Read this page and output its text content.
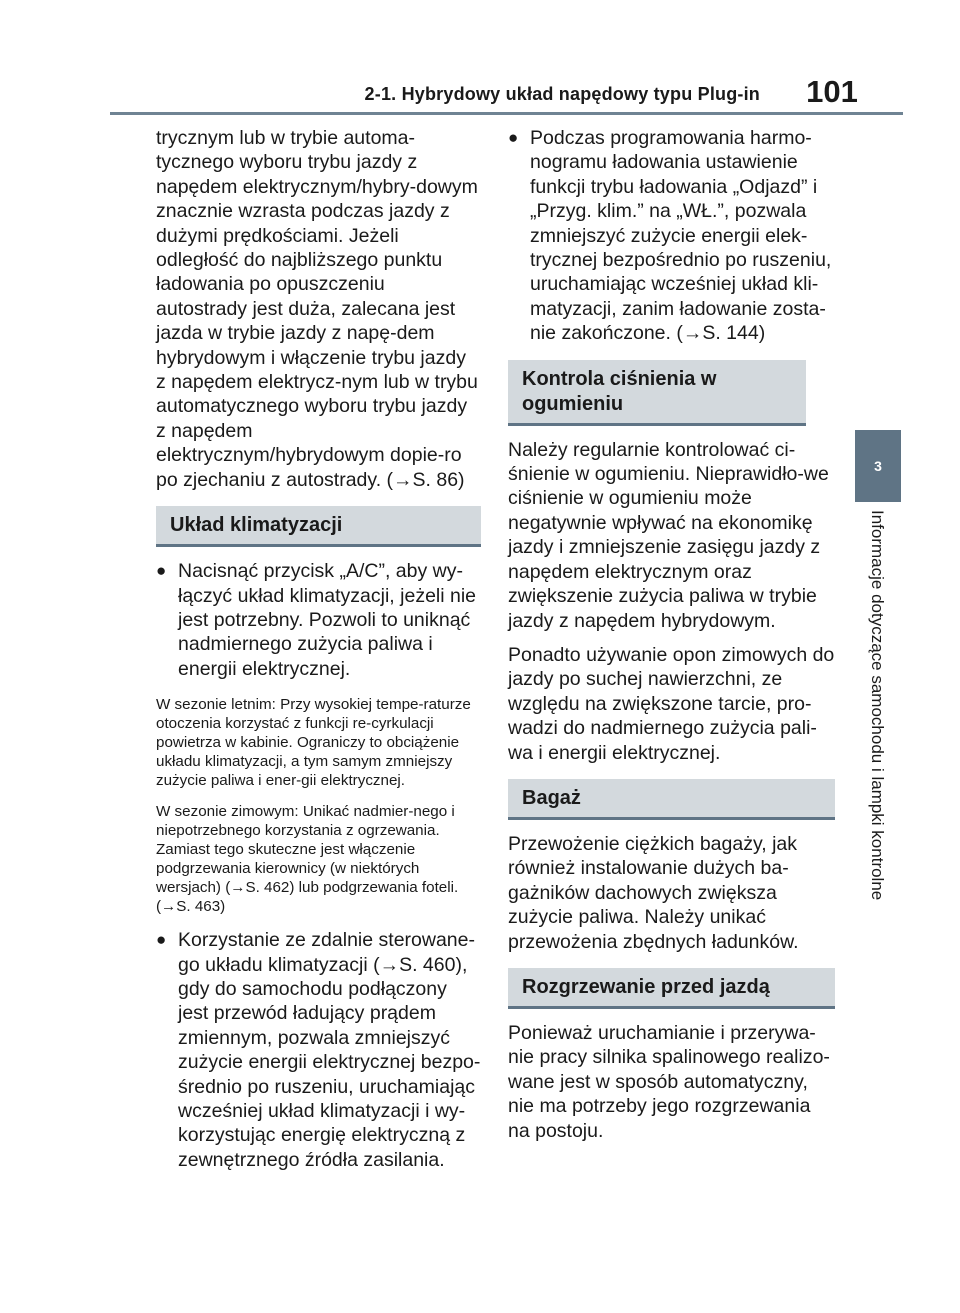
2-1. Hybrydowy układ napędowy typu Plug-in 101
3
Informacje dotyczące samochodu i lampki kontrolne

trycznym lub w trybie automa-tycznego wyboru trybu jazdy z napędem elektrycznym/hybry-dowym znacznie wzrasta podczas jazdy z dużymi prędkościami. Jeżeli odległość do najbliższego punktu ładowania po opuszczeniu autostrady jest duża, zalecana jest jazda w trybie jazdy z napę-dem hybrydowym i włączenie trybu jazdy z napędem elektrycz-nym lub w trybu automatycznego wyboru trybu jazdy z napędem elektrycznym/hybrydowym dopie-ro po zjechaniu z autostrady. (→S. 86)

Układ klimatyzacji
● Nacisnąć przycisk „A/C”, aby wy-łączyć układ klimatyzacji, jeżeli nie jest potrzebny. Pozwoli to uniknąć nadmiernego zużycia paliwa i energii elektrycznej.

W sezonie letnim: Przy wysokiej tempe-raturze otoczenia korzystać z funkcji re-cyrkulacji powietrza w kabinie. Ograniczy to obciążenie układu klimatyzacji, a tym samym zmniejszy zużycie paliwa i ener-gii elektrycznej.

W sezonie zimowym: Unikać nadmier-nego i niepotrzebnego korzystania z ogrzewania. Zamiast tego skuteczne jest włączenie podgrzewania kierownicy (w niektórych wersjach) (→S. 462) lub podgrzewania foteli. (→S. 463)

● Korzystanie ze zdalnie sterowane-go układu klimatyzacji (→S. 460), gdy do samochodu podłączony jest przewód ładujący prądem zmiennym, pozwala zmniejszyć zużycie energii elektrycznej bezpo-średnio po ruszeniu, uruchamiając wcześniej układ klimatyzacji i wy-korzystując energię elektryczną z zewnętrznego źródła zasilania.
● Podczas programowania harmo-nogramu ładowania ustawienie funkcji trybu ładowania „Odjazd” i „Przyg. klim.” na „WŁ.”, pozwala zmniejszyć zużycie energii elek-trycznej bezpośrednio po ruszeniu, uruchamiając wcześniej układ kli-matyzacji, zanim ładowanie zosta-nie zakończone. (→S. 144)
Kontrola ciśnienia w ogumieniu

Należy regularnie kontrolować ci-śnienie w ogumieniu. Nieprawidło-we ciśnienie w ogumieniu może negatywnie wpływać na ekonomikę jazdy i zmniejszenie zasięgu jazdy z napędem elektrycznym oraz zwiększenie zużycia paliwa w trybie jazdy z napędem hybrydowym.

Ponadto używanie opon zimowych do jazdy po suchej nawierzchni, ze względu na zwiększone tarcie, pro-wadzi do nadmiernego zużycia pali-wa i energii elektrycznej.

Bagaż

Przewożenie ciężkich bagaży, jak również instalowanie dużych ba-gażników dachowych zwiększa zużycie paliwa. Należy unikać przewożenia zbędnych ładunków.

Rozgrzewanie przed jazdą

Ponieważ uruchamianie i przerywa-nie pracy silnika spalinowego realizo-wane jest w sposób automatyczny, nie ma potrzeby jego rozgrzewania na postoju.
